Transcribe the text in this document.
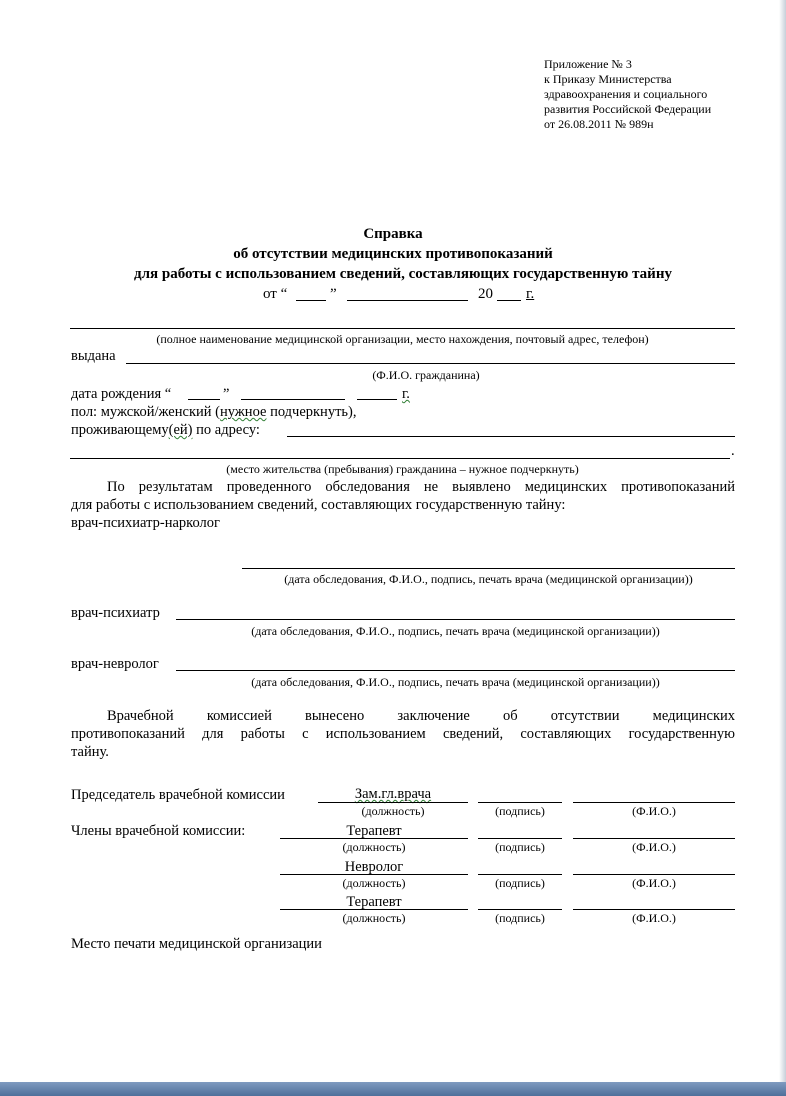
Приложение № 3
к Приказу Министерства
здравоохранения и социального
развития Российской Федерации
от 26.08.2011 № 989н
Справка
об отсутствии медицинских противопоказаний
для работы с использованием сведений, составляющих государственную тайну
от “	”	20 г.
(полное наименование медицинской организации, место нахождения, почтовый адрес, телефон)
выдана
(Ф.И.О. гражданина)
дата рождения “	”	г.
пол: мужской/женский (нужное подчеркнуть),
проживающему(ей) по адресу:
.
(место жительства (пребывания) гражданина – нужное подчеркнуть)
По результатам проведенного обследования не выявлено медицинских противопоказаний
для работы с использованием сведений, составляющих государственную тайну:
врач-психиатр-нарколог
(дата обследования, Ф.И.О., подпись, печать врача (медицинской организации))
врач-психиатр
(дата обследования, Ф.И.О., подпись, печать врача (медицинской организации))
врач-невролог
(дата обследования, Ф.И.О., подпись, печать врача (медицинской организации))
Врачебной комиссией вынесено заключение об отсутствии медицинских
противопоказаний для работы с использованием сведений, составляющих государственную
тайну.
Председатель врачебной комиссии	Зам.гл.врача
(должность)	(подпись)	(Ф.И.О.)
Члены врачебной комиссии:	Терапевт
(должность)	(подпись)	(Ф.И.О.)
Невролог
(должность)	(подпись)	(Ф.И.О.)
Терапевт
(должность)	(подпись)	(Ф.И.О.)
Место печати медицинской организации
